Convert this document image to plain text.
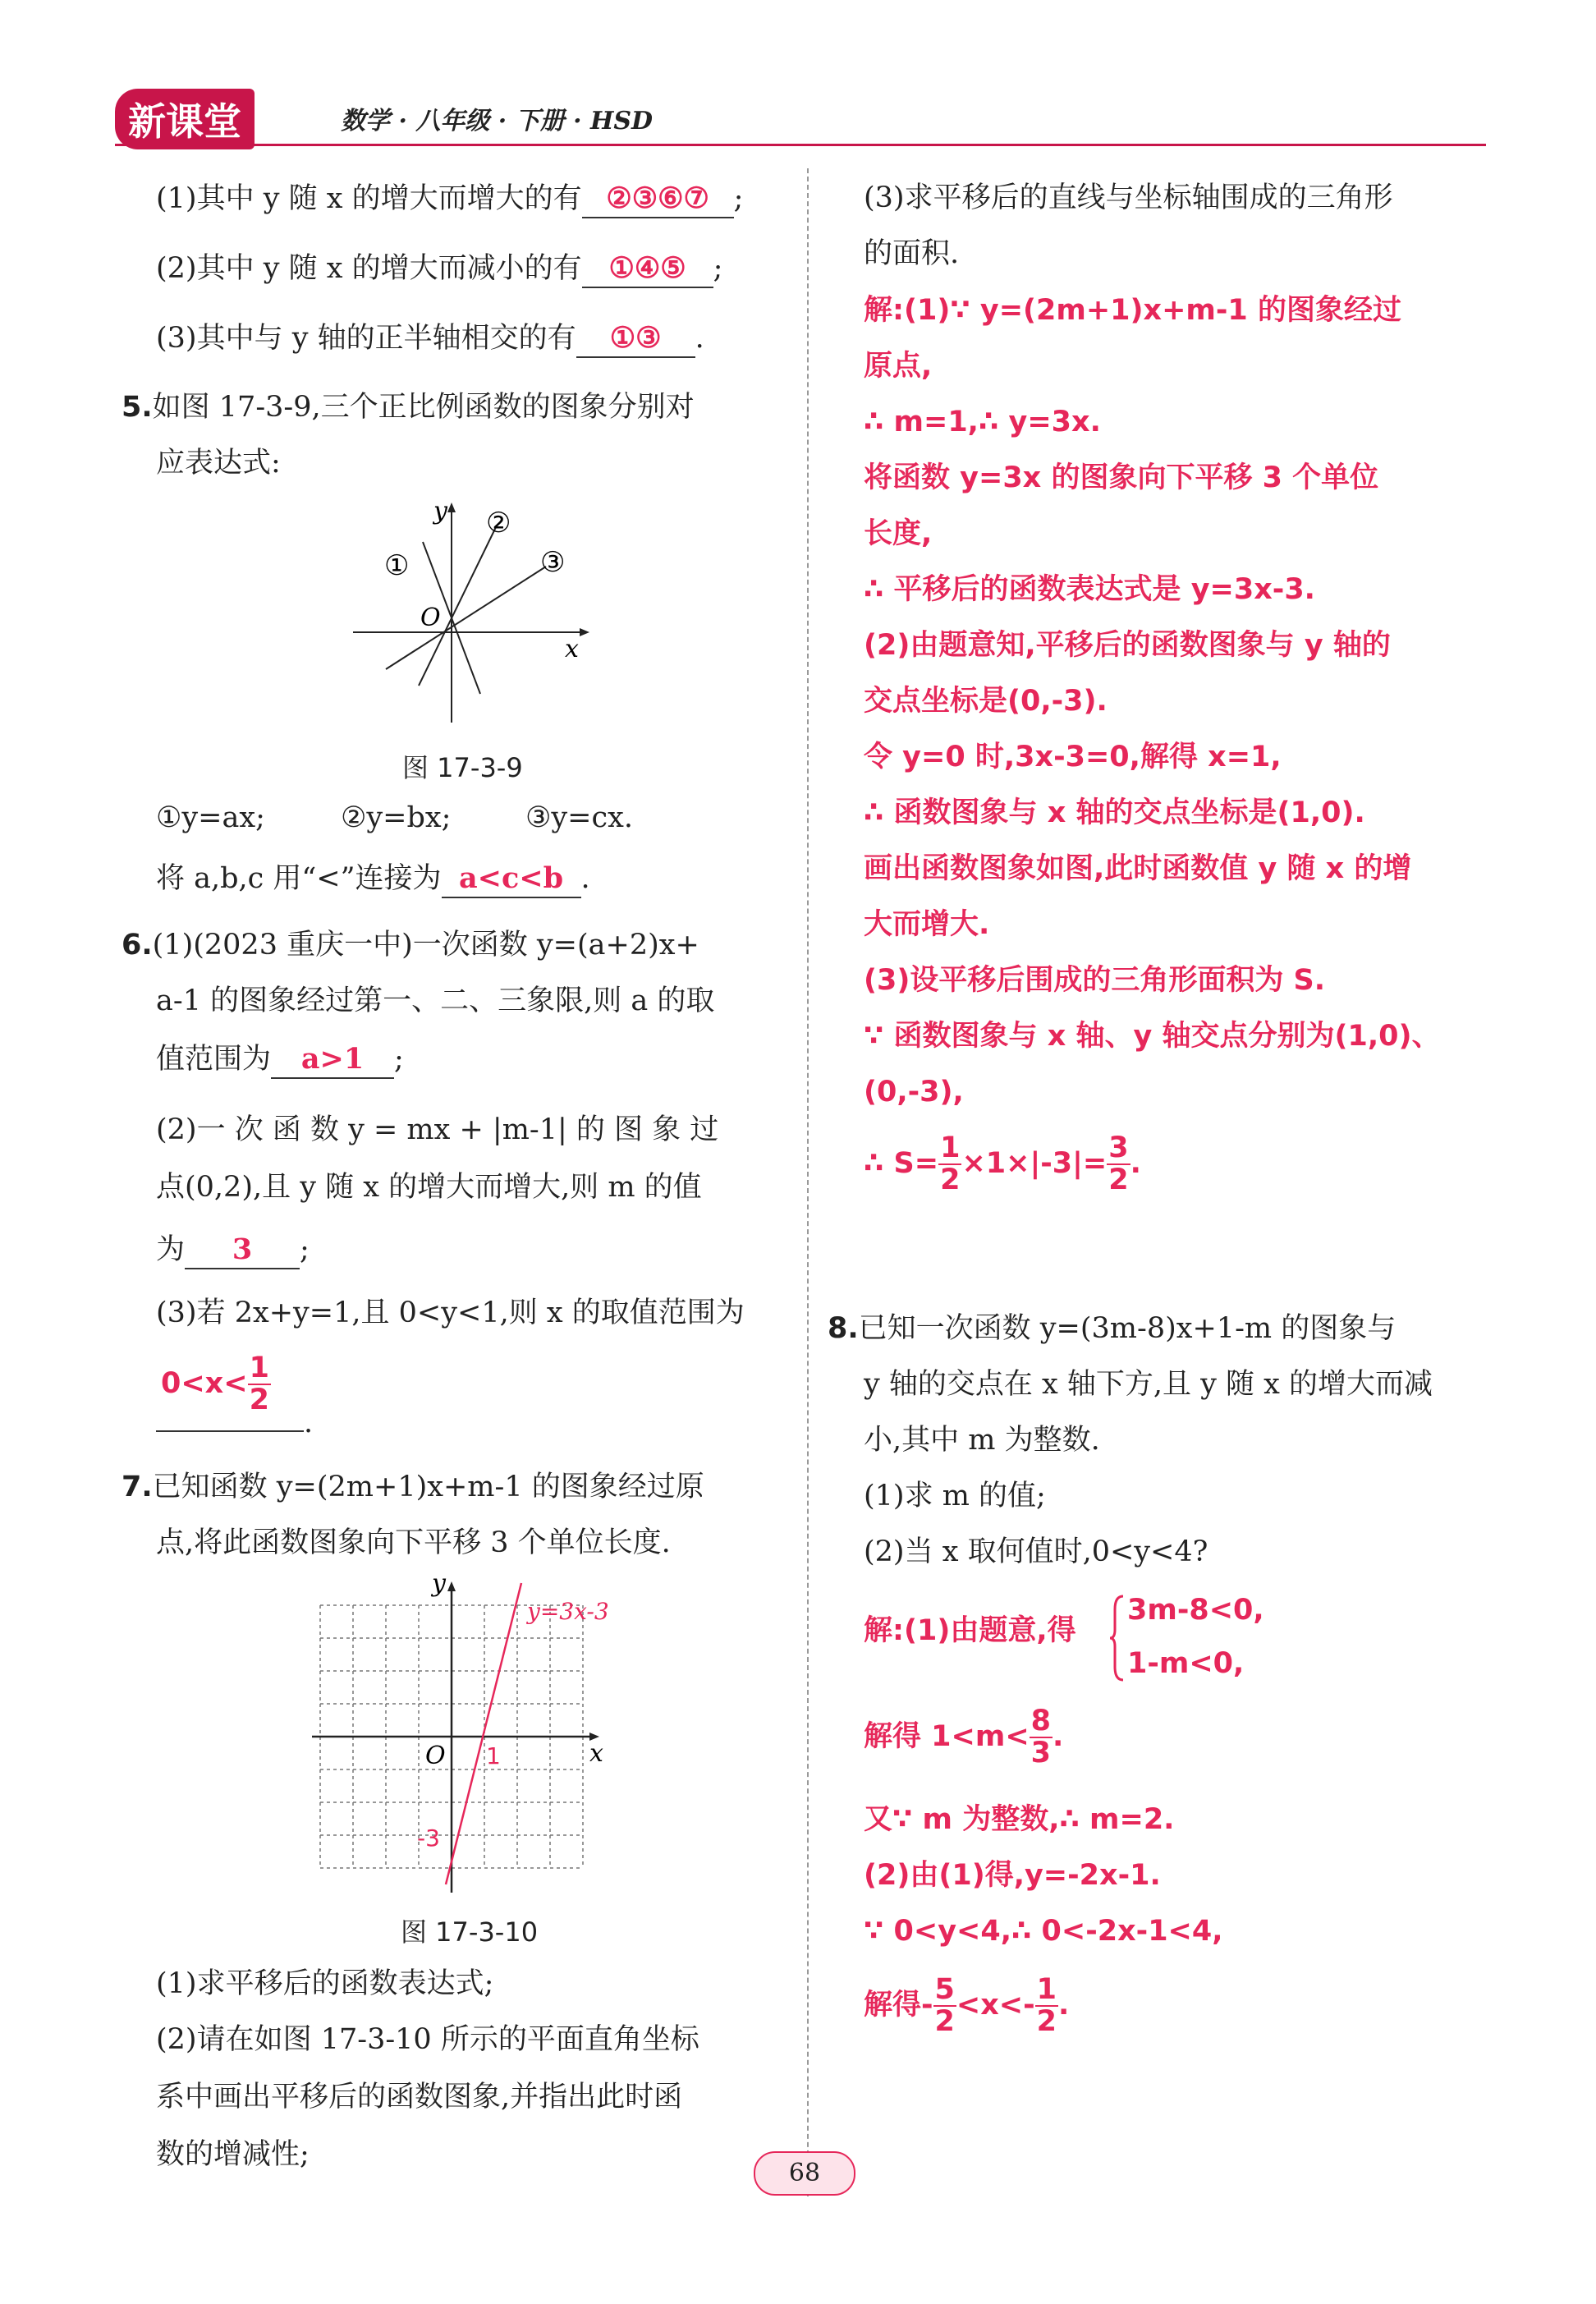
新课堂	数学 · 八年级 · 下册 · HSD
(1)其中 y 随 x 的增大而增大的有 ②③⑥⑦ ;
(2)其中 y 随 x 的增大而减小的有 ①④⑤ ;
(3)其中与 y 轴的正半轴相交的有 ①③ .
5.如图 17-3-9,三个正比例函数的图象分别对
应表达式:
y
x
O
①
②
③
图 17-3-9
①y=ax;	②y=bx;	③y=cx.
将 a,b,c 用“<”连接为 a<c<b .
6.(1)(2023 重庆一中)一次函数 y=(a+2)x+
a-1 的图象经过第一、二、三象限,则 a 的取
值范围为 a>1 ;
(2)一 次 函 数 y = mx + |m-1| 的 图 象 过
点(0,2),且 y 随 x 的增大而增大,则 m 的值
为 3 ;
(3)若 2x+y=1,且 0<y<1,则 x 的取值范围为
$0<x< \frac{1}{2}$
.
7.已知函数 y=(2m+1)x+m-1 的图象经过原
点,将此函数图象向下平移 3 个单位长度.
y
x
O 1
-3
y=3x-3
图 17-3-10
(1)求平移后的函数表达式;
(2)请在如图 17-3-10 所示的平面直角坐标
系中画出平移后的函数图象,并指出此时函
数的增减性;
(3)求平移后的直线与坐标轴围成的三角形
的面积.
解:(1)∵ y=(2m+1)x+m-1 的图象经过
原点,
∴ m=1,∴ y=3x.
将函数 y=3x 的图象向下平移 3 个单位
长度,
∴ 平移后的函数表达式是 y=3x-3.
(2)由题意知,平移后的函数图象与 y 轴的
交点坐标是(0,-3).
令 y=0 时,3x-3=0,解得 x=1,
∴ 函数图象与 x 轴的交点坐标是(1,0).
画出函数图象如图,此时函数值 y 随 x 的增
大而增大.
(3)设平移后围成的三角形面积为 S.
∵ 函数图象与 x 轴、y 轴交点分别为(1,0)、
(0,-3),
∴ $S= \frac{1}{2} \times 1\times|-3|= \frac{3}{2}$ .
8.已知一次函数 y=(3m-8)x+1-m 的图象与
y 轴的交点在 x 轴下方,且 y 随 x 的增大而减
小,其中 m 为整数.
(1)求 m 的值;
(2)当 x 取何值时,0<y<4?
解:(1)由题意,得
3m-8<0,
1-m<0,
解得 $1<m< \frac{8}{3}$ .
又∵ m 为整数,∴ m=2.
(2)由(1)得,y=-2x-1.
∵ 0<y<4,∴ 0<-2x-1<4,
解得- $\frac{5}{2} <x<- \frac{1}{2}$ .
68
